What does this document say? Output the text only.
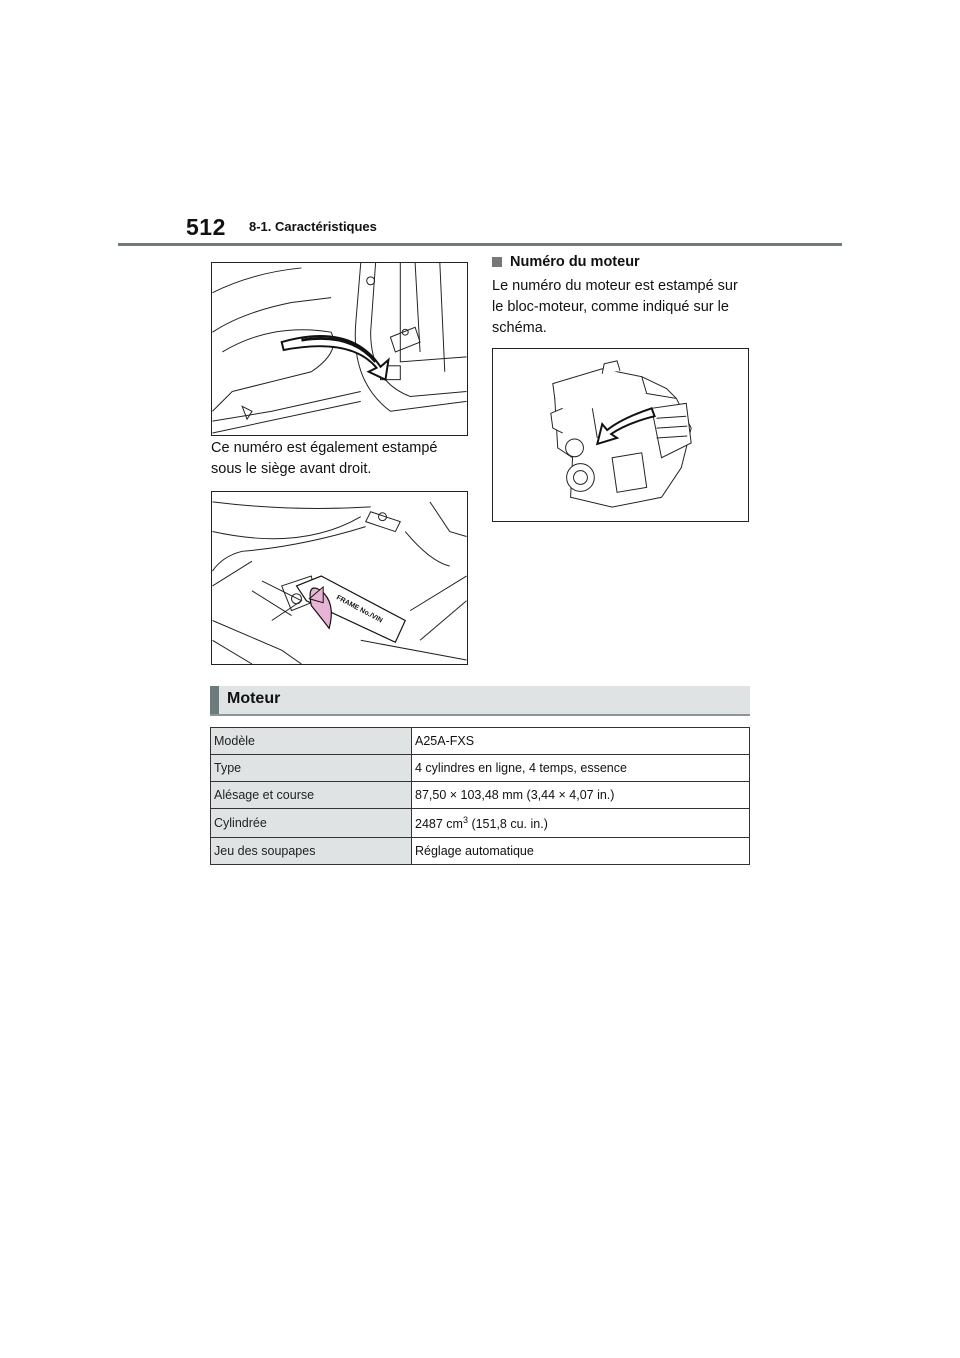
512 8-1. Caractéristiques
Ce numéro est également estampé
sous le siège avant droit.
FRAME No./VIN
Numéro du moteur
Le numéro du moteur est estampé sur
le bloc-moteur, comme indiqué sur le
schéma.
Moteur
Modèle	A25A-FXS
Type	4 cylindres en ligne, 4 temps, essence
Alésage et course	87,50 × 103,48 mm (3,44 × 4,07 in.)
Cylindrée	2487 $cm^3$ (151,8 cu. in.)
Jeu des soupapes	Réglage automatique
